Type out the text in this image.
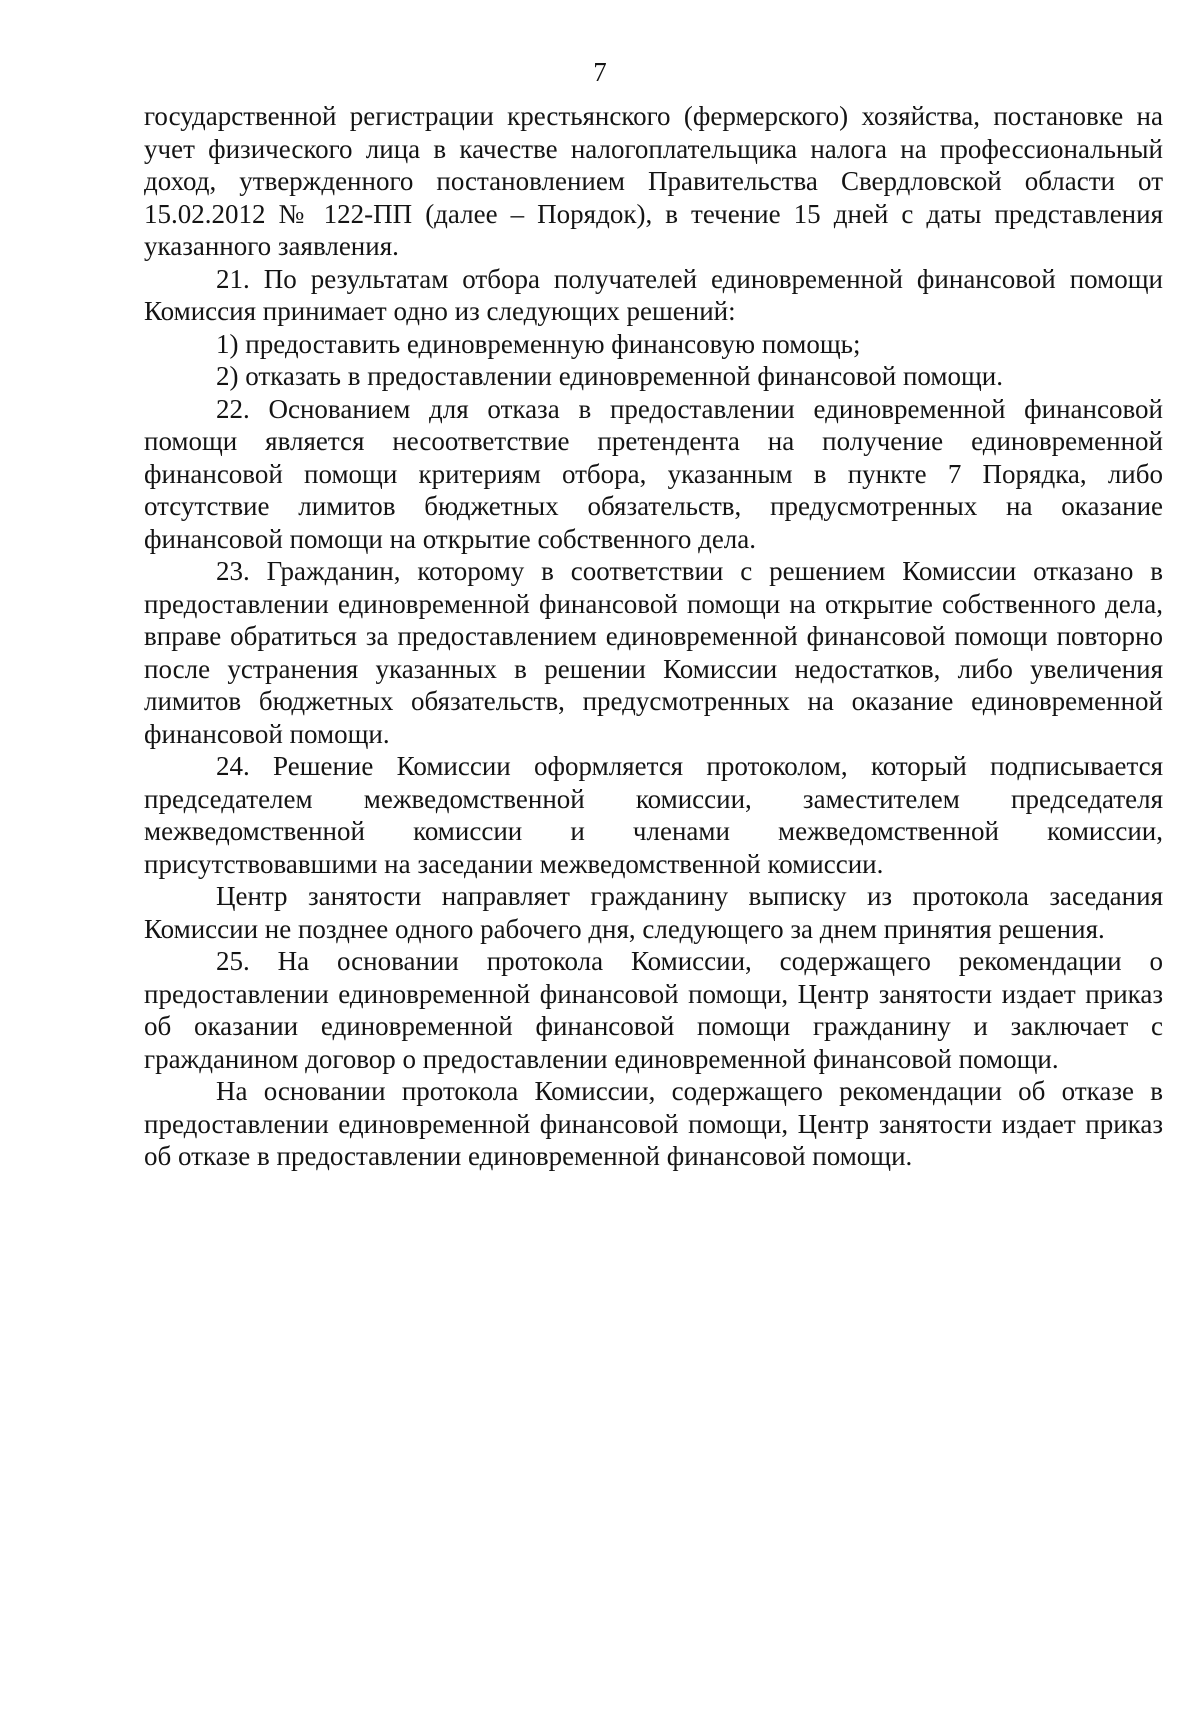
7

государственной регистрации крестьянского (фермерского) хозяйства, постановке на учет физического лица в качестве налогоплательщика налога на профессиональный доход, утвержденного постановлением Правительства Свердловской области от 15.02.2012 № 122-ПП (далее – Порядок), в течение 15 дней с даты представления указанного заявления.

21. По результатам отбора получателей единовременной финансовой помощи Комиссия принимает одно из следующих решений:

1) предоставить единовременную финансовую помощь;

2) отказать в предоставлении единовременной финансовой помощи.

22. Основанием для отказа в предоставлении единовременной финансовой помощи является несоответствие претендента на получение единовременной финансовой помощи критериям отбора, указанным в пункте 7 Порядка, либо отсутствие лимитов бюджетных обязательств, предусмотренных на оказание финансовой помощи на открытие собственного дела.

23. Гражданин, которому в соответствии с решением Комиссии отказано в предоставлении единовременной финансовой помощи на открытие собственного дела, вправе обратиться за предоставлением единовременной финансовой помощи повторно после устранения указанных в решении Комиссии недостатков, либо увеличения лимитов бюджетных обязательств, предусмотренных на оказание единовременной финансовой помощи.

24. Решение Комиссии оформляется протоколом, который подписывается председателем межведомственной комиссии, заместителем председателя межведомственной комиссии и членами межведомственной комиссии, присутствовавшими на заседании межведомственной комиссии.

Центр занятости направляет гражданину выписку из протокола заседания Комиссии не позднее одного рабочего дня, следующего за днем принятия решения.

25. На основании протокола Комиссии, содержащего рекомендации о предоставлении единовременной финансовой помощи, Центр занятости издает приказ об оказании единовременной финансовой помощи гражданину и заключает с гражданином договор о предоставлении единовременной финансовой помощи.

На основании протокола Комиссии, содержащего рекомендации об отказе в предоставлении единовременной финансовой помощи, Центр занятости издает приказ об отказе в предоставлении единовременной финансовой помощи.
